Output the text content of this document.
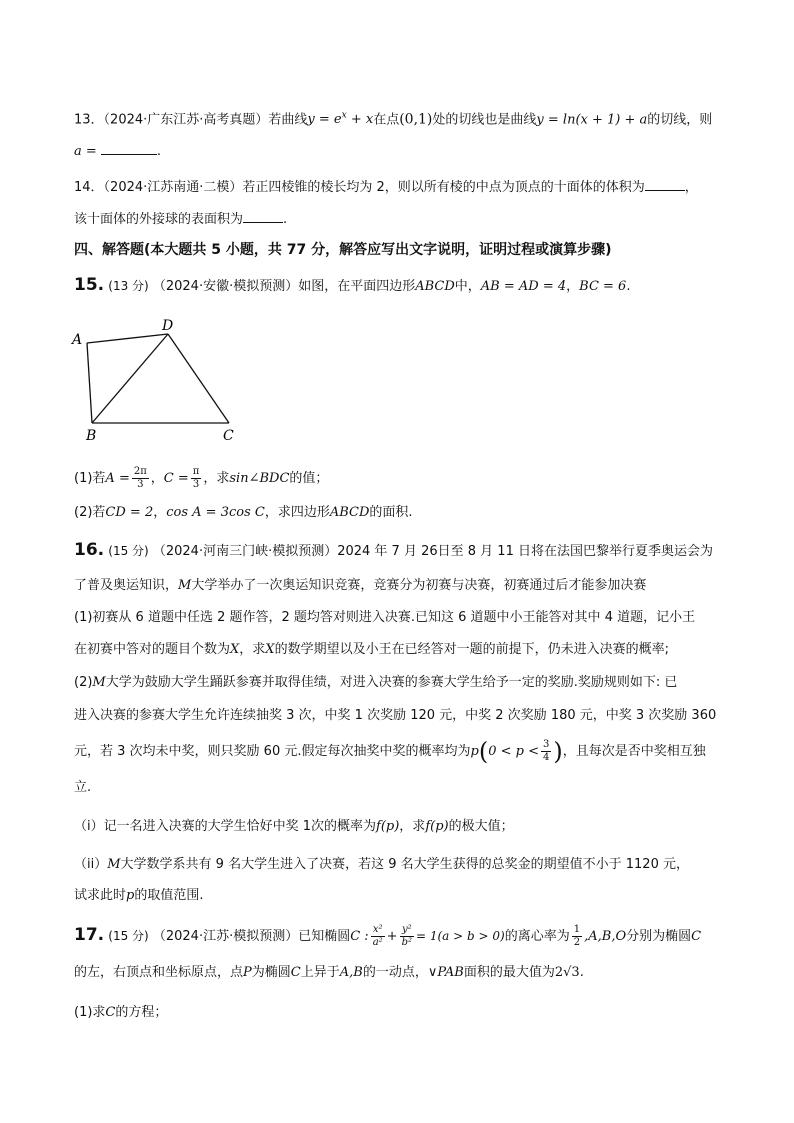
13．（2024·广东江苏·高考真题）若曲线$y = e^x + x$在点(0,1)处的切线也是曲线y = ln(x + 1) + a的切线，则
a =	.
14．（2024·江苏南通·二模）若正四棱锥的棱长均为 2，则以所有棱的中点为顶点的十面体的体积为	，
该十面体的外接球的表面积为	.
四、解答题(本大题共 5 小题，共 77 分，解答应写出文字说明，证明过程或演算步骤)
15. (13 分) （2024·安徽·模拟预测）如图，在平面四边形ABCD中，AB = AD = 4，BC = 6.
A
D
B	C
(1)若$A = \frac{2\pi}{3}$ ，$C = \frac{\pi}{3}$ ，求sin∠BDC的值；
(2)若CD = 2，cos A = 3cos C，求四边形ABCD的面积.
16. (15 分) （2024·河南三门峡·模拟预测）2024 年 7 月 26日至 8 月 11 日将在法国巴黎举行夏季奥运会为
了普及奥运知识，M大学举办了一次奥运知识竞赛，竞赛分为初赛与决赛，初赛通过后才能参加决赛
(1)初赛从 6 道题中任选 2 题作答，2 题均答对则进入决赛.已知这 6 道题中小王能答对其中 4 道题，记小王
在初赛中答对的题目个数为X，求X的数学期望以及小王在已经答对一题的前提下，仍未进入决赛的概率;
(2)M大学为鼓励大学生踊跃参赛并取得佳绩，对进入决赛的参赛大学生给予一定的奖励.奖励规则如下: 已
进入决赛的参赛大学生允许连续抽奖 3 次，中奖 1 次奖励 120 元，中奖 2 次奖励 180 元，中奖 3 次奖励 360
元，若 3 次均未中奖，则只奖励 60 元.假定每次抽奖中奖的概率均为$p(0 < p < \frac{3}{4}$ )，且每次是否中奖相互独
立.
（i）记一名进入决赛的大学生恰好中奖 1次的概率为f(p)，求f(p)的极大值；
（ii）M大学数学系共有 9 名大学生进入了决赛，若这 9 名大学生获得的总奖金的期望值不小于 1120 元，
试求此时p的取值范围.
17. (15 分) （2024·江苏·模拟预测）已知椭圆C : $\frac{\text{x²}}{\text{a²}} + \frac{\text{y²}}{\text{b²}} = 1(a > b > 0)$的离心率为 $\frac{1}{2} ,A,B,O$分别为椭圆C
的左，右顶点和坐标原点，点P为椭圆C上异于A,B的一动点，∨PAB面积的最大值为2√3.
(1)求C的方程；
